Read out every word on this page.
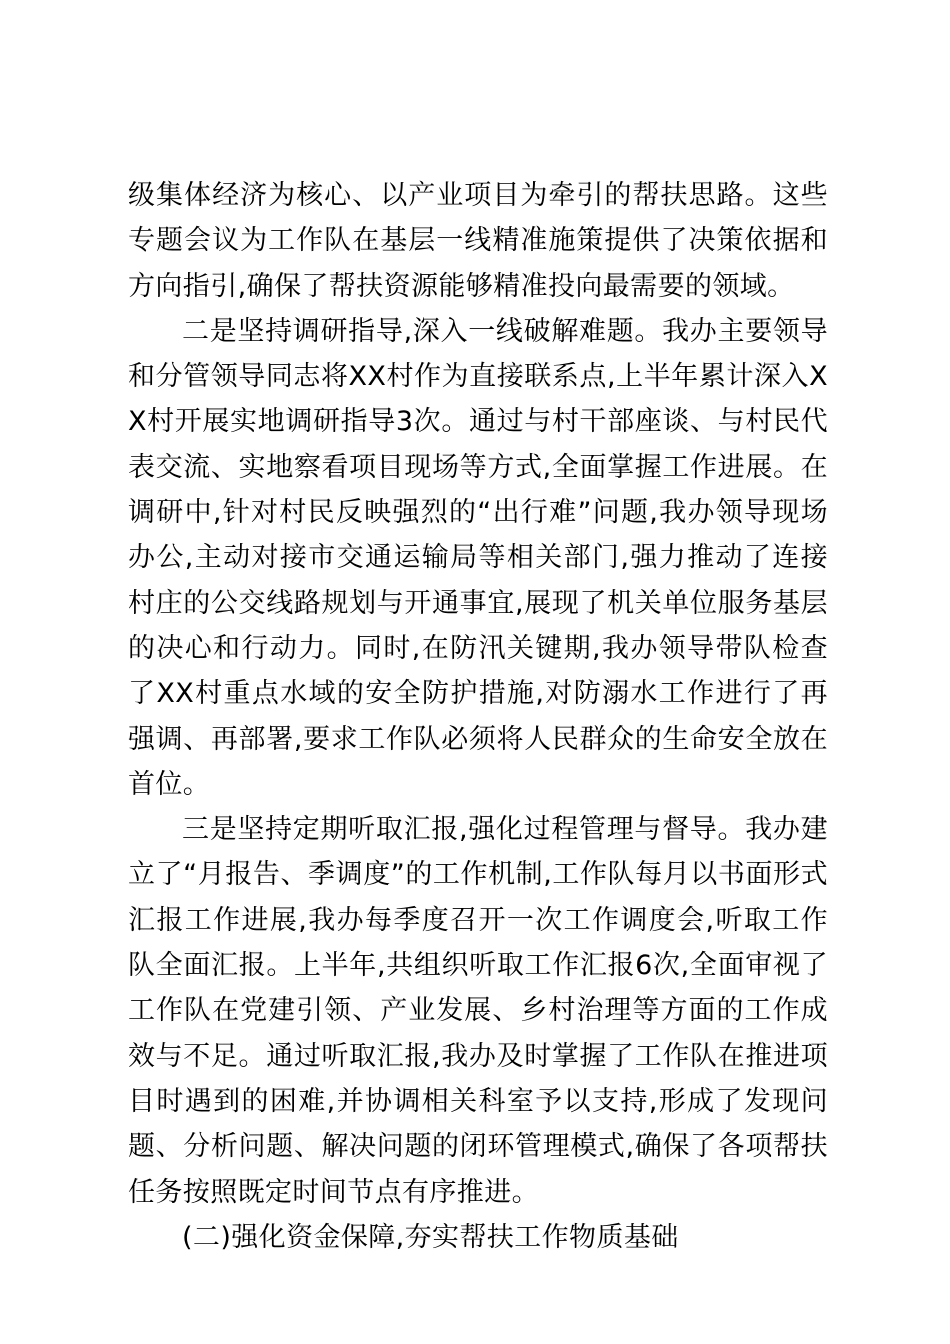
级集体经济为核心、以产业项目为牵引的帮扶思路。这些专题会议为工作队在基层一线精准施策提供了决策依据和方向指引,确保了帮扶资源能够精准投向最需要的领域。

二是坚持调研指导,深入一线破解难题。我办主要领导和分管领导同志将XX村作为直接联系点,上半年累计深入XX村开展实地调研指导3次。通过与村干部座谈、与村民代表交流、实地察看项目现场等方式,全面掌握工作进展。在调研中,针对村民反映强烈的“出行难”问题,我办领导现场办公,主动对接市交通运输局等相关部门,强力推动了连接村庄的公交线路规划与开通事宜,展现了机关单位服务基层的决心和行动力。同时,在防汛关键期,我办领导带队检查了XX村重点水域的安全防护措施,对防溺水工作进行了再强调、再部署,要求工作队必须将人民群众的生命安全放在首位。

三是坚持定期听取汇报,强化过程管理与督导。我办建立了“月报告、季调度”的工作机制,工作队每月以书面形式汇报工作进展,我办每季度召开一次工作调度会,听取工作队全面汇报。上半年,共组织听取工作汇报6次,全面审视了工作队在党建引领、产业发展、乡村治理等方面的工作成效与不足。通过听取汇报,我办及时掌握了工作队在推进项目时遇到的困难,并协调相关科室予以支持,形成了发现问题、分析问题、解决问题的闭环管理模式,确保了各项帮扶任务按照既定时间节点有序推进。

(二)强化资金保障,夯实帮扶工作物质基础
